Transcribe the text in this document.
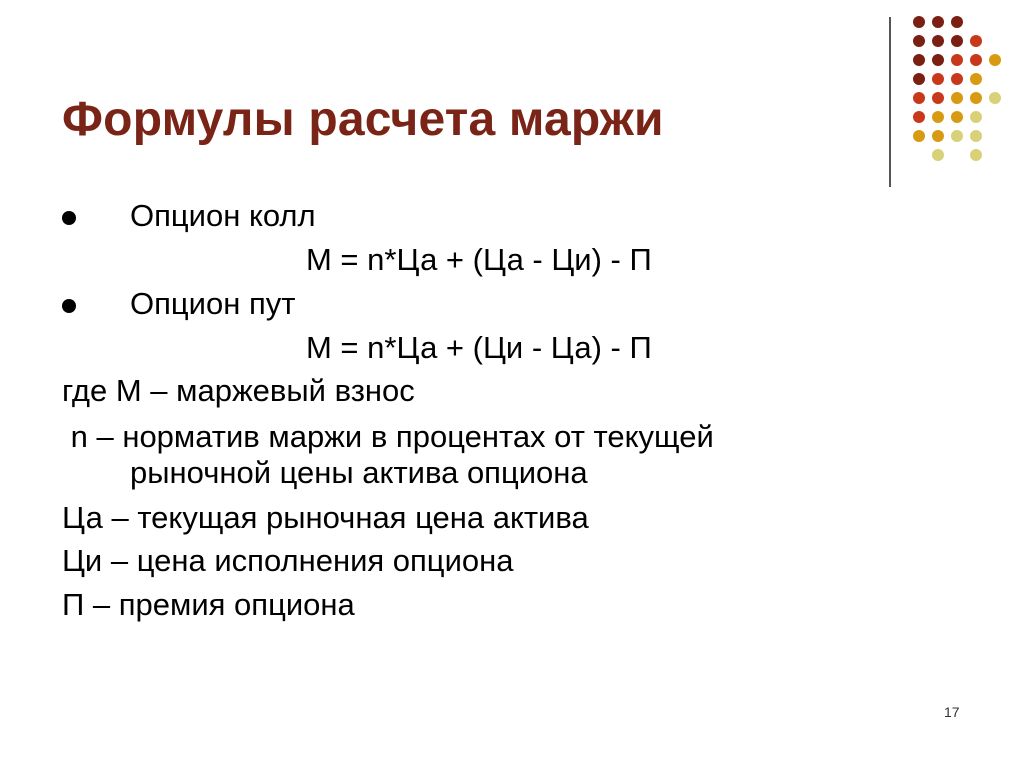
Формулы расчета маржи
Опцион колл
М = n*Ца + (Ца - Ци) - П
Опцион пут
М = n*Ца + (Ци - Ца) - П
где М – маржевый взнос
n – норматив маржи в процентах от текущей
рыночной цены актива опциона
Ца – текущая рыночная цена актива
Ци – цена исполнения опциона
П – премия опциона
17
